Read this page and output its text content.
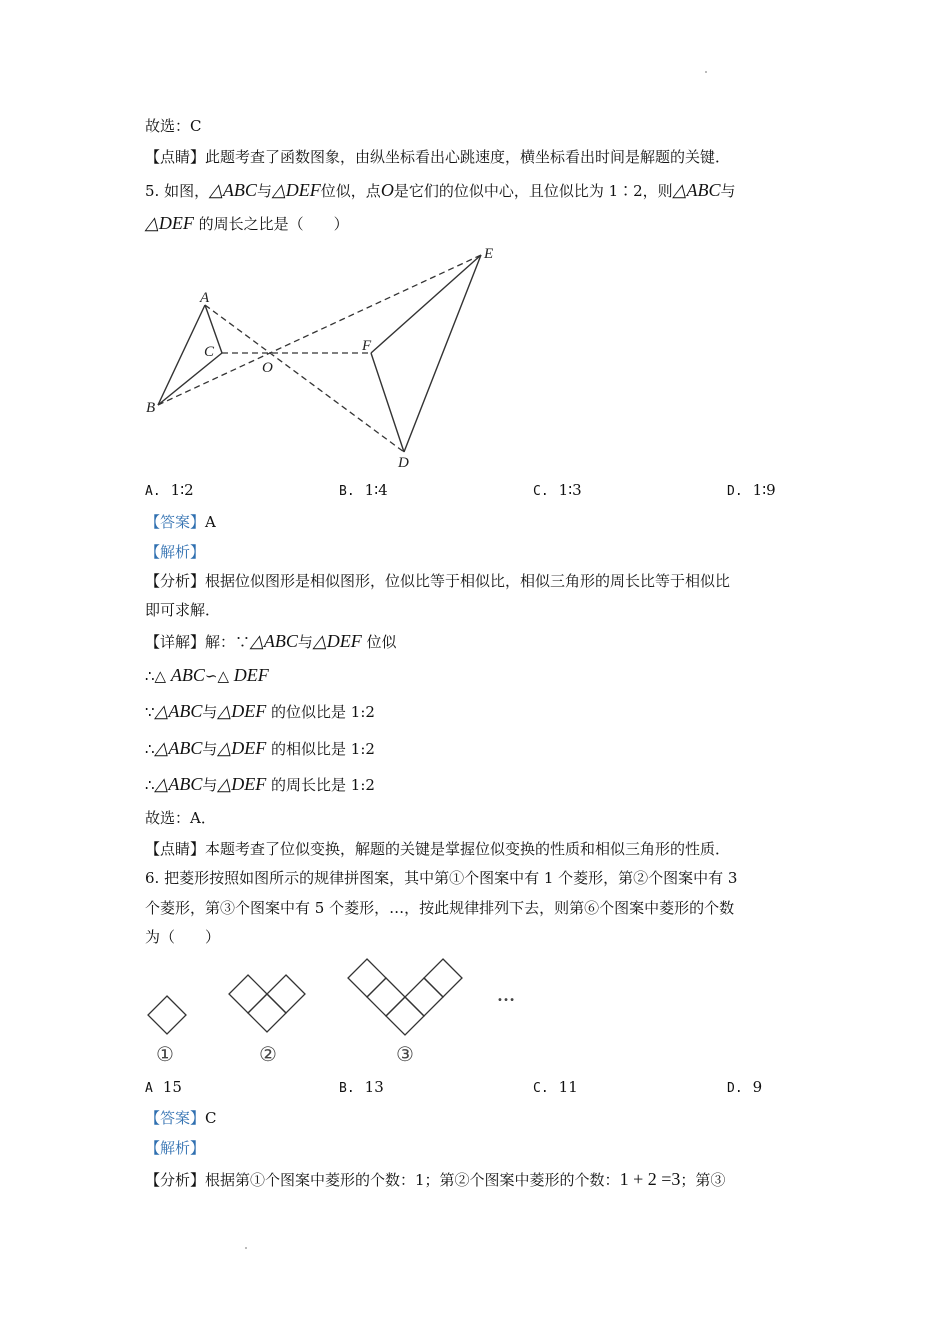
故选：C
【点睛】此题考查了函数图象，由纵坐标看出心跳速度，横坐标看出时间是解题的关键．
5. 如图，△ABC与△DEF位似，点O是它们的位似中心，且位似比为 1∶2，则△ABC与
△DEF 的周长之比是（　　）
A
B
C
O
F
E
D
A. 1∶2	B. 1∶4	C. 1∶3	D. 1∶9
【答案】A
【解析】
【分析】根据位似图形是相似图形，位似比等于相似比，相似三角形的周长比等于相似比
即可求解．
【详解】解：∵△ABC与△DEF 位似
∴△ ABC∽△ DEF
∵△ABC与△DEF 的位似比是 1:2
∴△ABC与△DEF 的相似比是 1:2
∴△ABC与△DEF 的周长比是 1:2
故选：A．
【点睛】本题考查了位似变换，解题的关键是掌握位似变换的性质和相似三角形的性质．
6. 把菱形按照如图所示的规律拼图案，其中第①个图案中有 1 个菱形，第②个图案中有 3
个菱形，第③个图案中有 5 个菱形，…，按此规律排列下去，则第⑥个图案中菱形的个数
为（　　）
①	②	③
…
A 15	B. 13	C. 11	D. 9
【答案】C
【解析】
【分析】根据第①个图案中菱形的个数：1；第②个图案中菱形的个数：1 + 2 =3；第③
